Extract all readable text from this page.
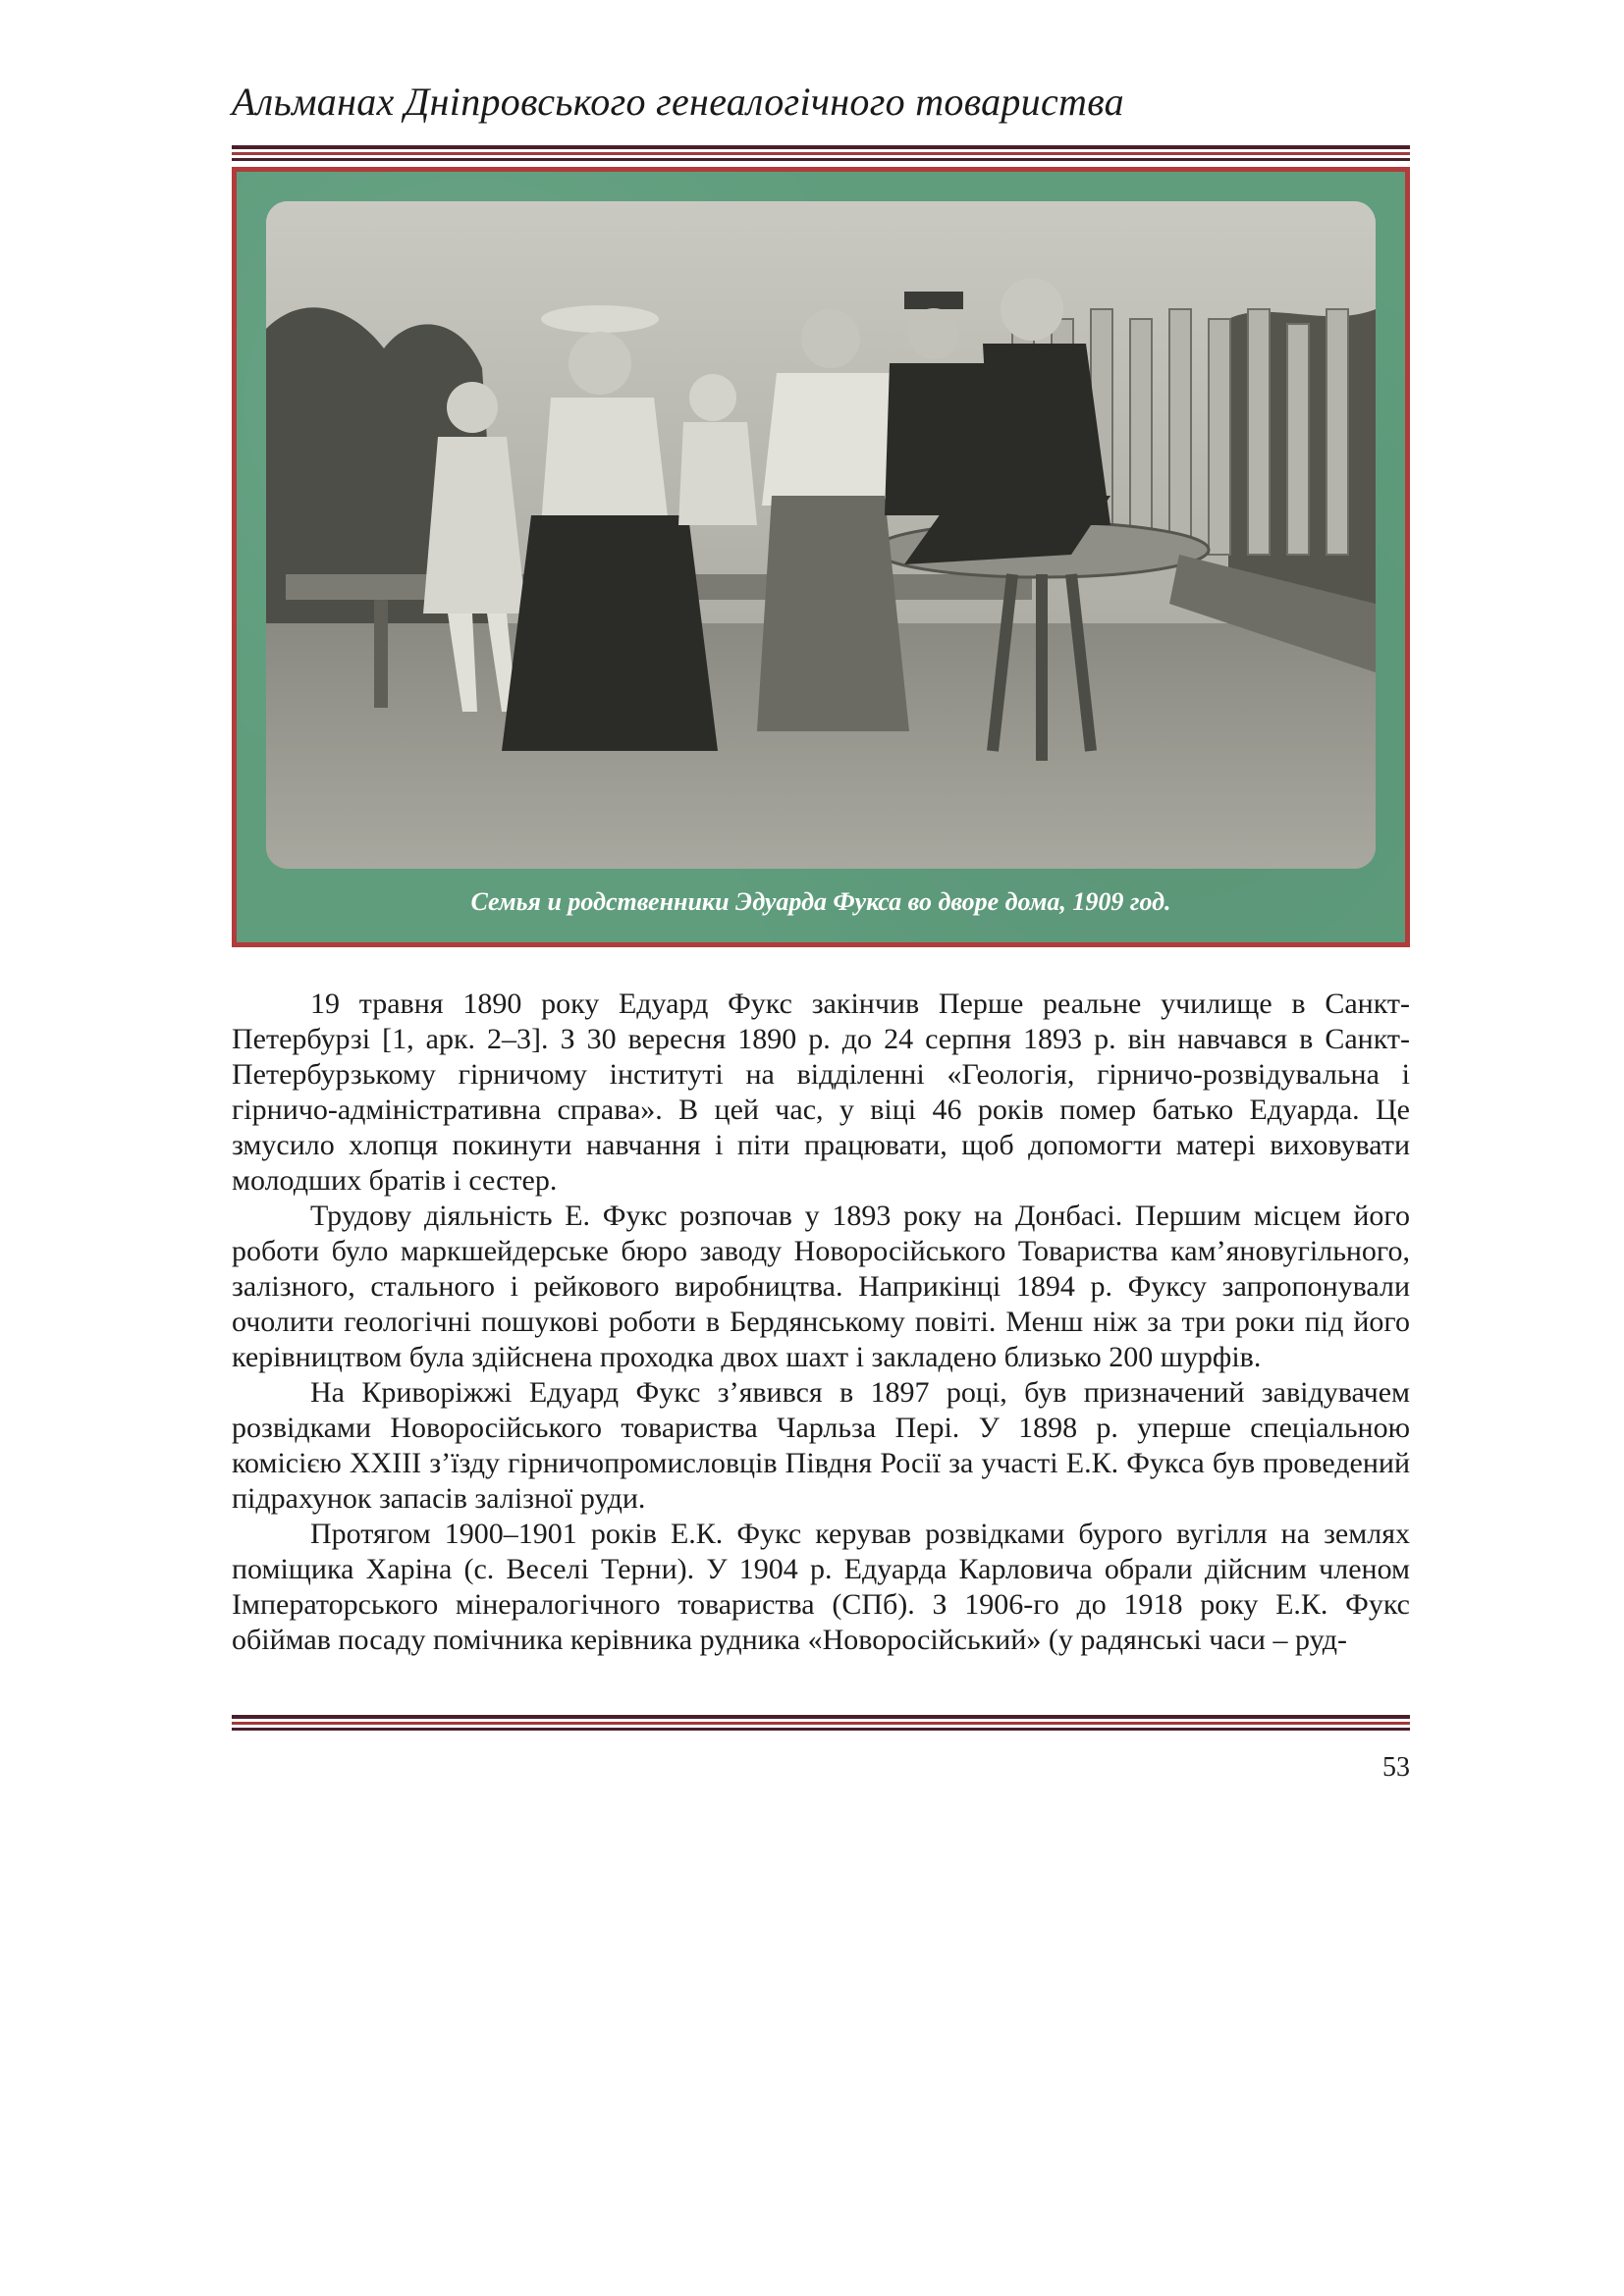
Альманах Дніпровського генеалогічного товариства
Семья и родственники Эдуарда Фукса во дворе дома, 1909 год.

19 травня 1890 року Едуард Фукс закінчив Перше реальне училище в Санкт-Петербурзі [1, арк. 2–3]. З 30 вересня 1890 р. до 24 серпня 1893 р. він навчався в Санкт-Петербурзькому гірничому інституті на відділенні «Геологія, гірничо-розвідувальна і гірничо-адміністративна справа». В цей час, у віці 46 років помер батько Едуарда. Це змусило хлопця покинути навчання і піти працювати, щоб допомогти матері виховувати молодших братів і сестер.

Трудову діяльність Е. Фукс розпочав у 1893 року на Донбасі. Першим місцем його роботи було маркшейдерське бюро заводу Новоросійського Товариства кам’яновугільного, залізного, стального і рейкового виробництва. Наприкінці 1894 р. Фуксу запропонували очолити геологічні пошукові роботи в Бердянському повіті. Менш ніж за три роки під його керівництвом була здійснена проходка двох шахт і закладено близько 200 шурфів.

На Криворіжжі Едуард Фукс з’явився в 1897 році, був призначений завідувачем розвідками Новоросійського товариства Чарльза Пері. У 1898 р. уперше спеціальною комісією XXIII з’їзду гірничопромисловців Півдня Росії за участі Е.К. Фукса був проведений підрахунок запасів залізної руди.

Протягом 1900–1901 років Е.К. Фукс керував розвідками бурого вугілля на землях поміщика Харіна (с. Веселі Терни). У 1904 р. Едуарда Карловича обрали дійсним членом Імператорського мінералогічного товариства (СПб). З 1906-го до 1918 року Е.К. Фукс обіймав посаду помічника керівника рудника «Новоросійський» (у радянські часи – руд-

53
